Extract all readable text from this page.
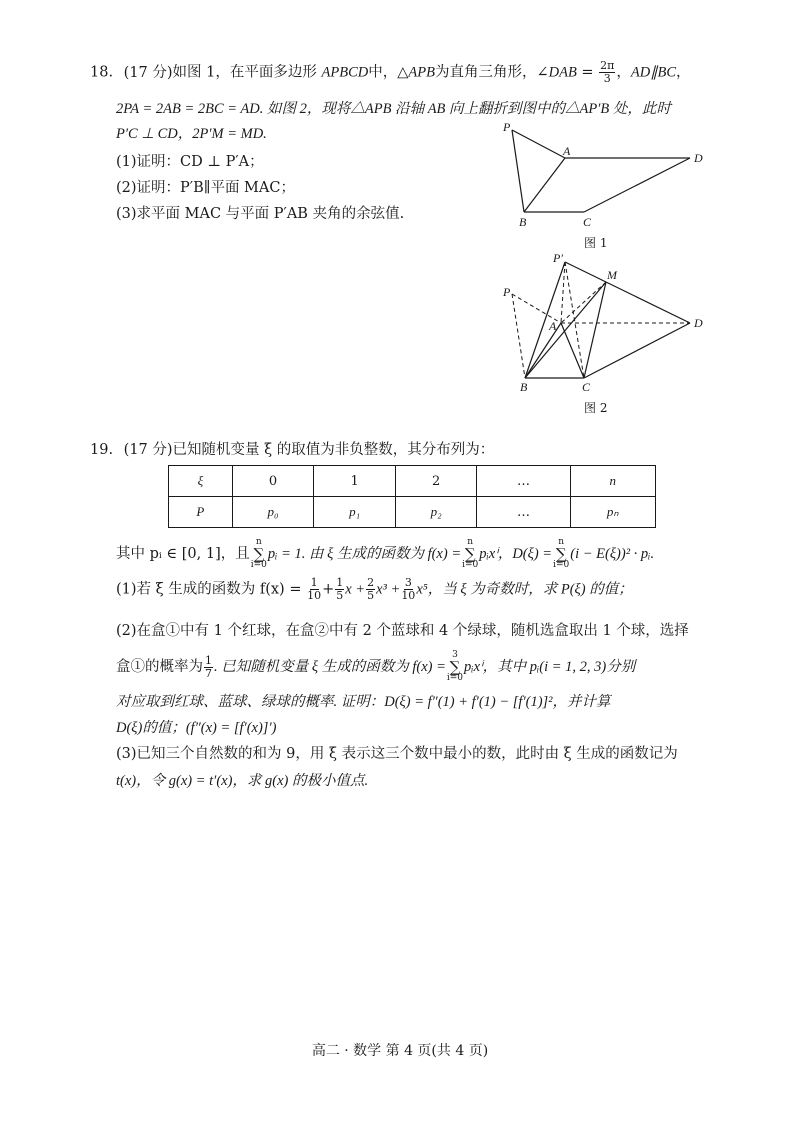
18. (17 分)如图 1，在平面多边形 APBCD中，△APB为直角三角形，∠DAB = $\frac{2\pi}{3}$ ，AD∥BC，
2PA = 2AB = 2BC = AD. 如图 2，现将△APB 沿轴 AB 向上翻折到图中的△AP′B 处，此时
P′C ⊥ CD，2P′M = MD.
(1)证明：CD ⊥ P′A；
(2)证明：P′B∥平面 MAC；
(3)求平面 MAC 与平面 P′AB 夹角的余弦值.
P
A
B	C
D
P′
M
P
A
B	C
D
图 1
图 2
19. (17 分)已知随机变量 ξ 的取值为非负整数，其分布列为：
ξ	0	1	2	…	n
P	p₀	p₁	p₂	…	pₙ
其中 pᵢ ∈ [0, 1]，且
n
∑
i=0
pᵢ = 1. 由 ξ 生成的函数为 f(x) =
n
∑
i=0
pᵢxⁱ，D(ξ) =
n
∑
i=0
(i − E(ξ))² · pᵢ.
(1)若 ξ 生成的函数为 $f(x) = \frac{1}{10} + \frac{1}{5}$ $x + \frac{2}{5} x^3 + \frac{3}{10} x^5$，当 ξ 为奇数时，求 P(ξ) 的值；
(2)在盒①中有 1 个红球，在盒②中有 2 个蓝球和 4 个绿球，随机选盒取出 1 个球，选择
盒①的概率为 $\frac{1}{7}$ . 已知随机变量 ξ 生成的函数为 f(x) =
3
∑
i=0
pᵢxⁱ，其中 pᵢ(i = 1, 2, 3)分别
对应取到红球、蓝球、绿球的概率. 证明：D(ξ) = f″(1) + f′(1) − [f′(1)]²，并计算
D(ξ)的值；(f″(x) = [f′(x)]′)
(3)已知三个自然数的和为 9，用 ξ 表示这三个数中最小的数，此时由 ξ 生成的函数记为
t(x)，令 g(x) = t′(x)，求 g(x) 的极小值点.
高二 · 数学 第 4 页(共 4 页)
